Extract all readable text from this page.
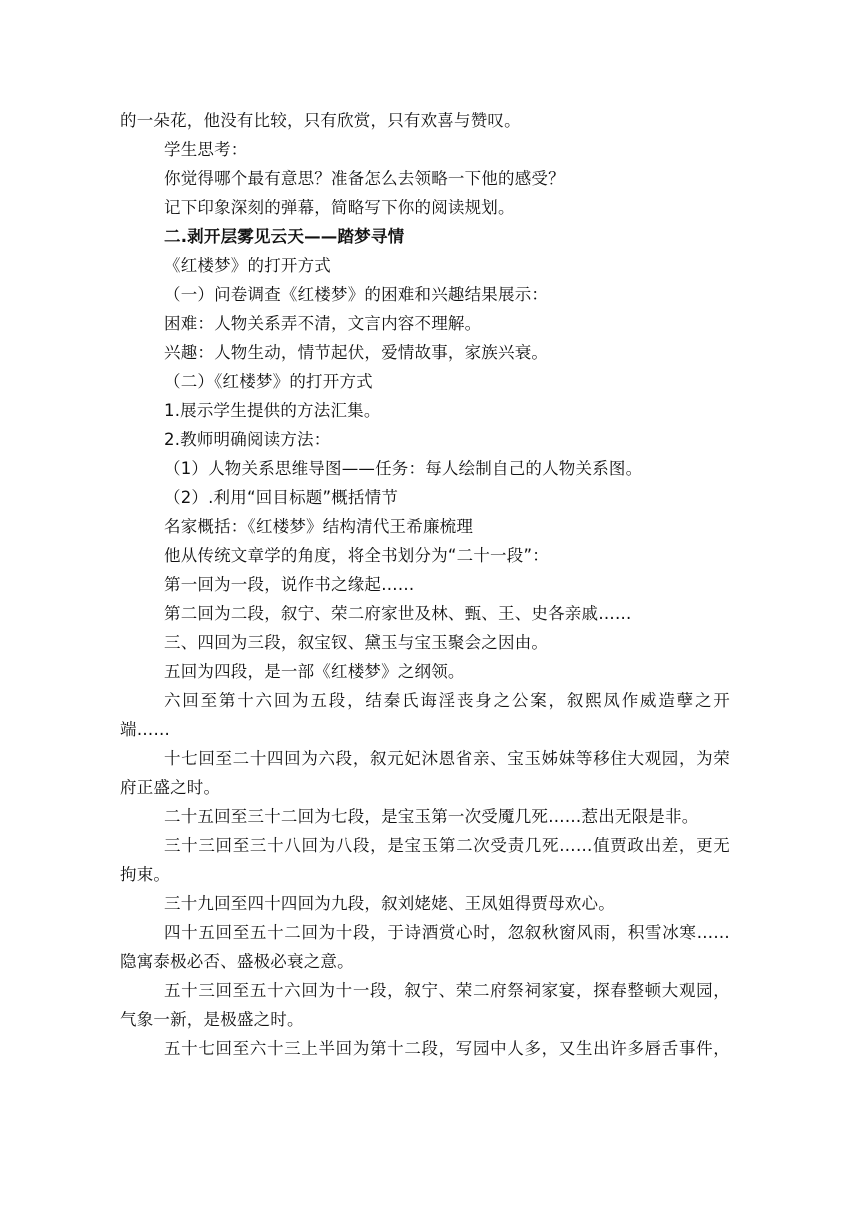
的一朵花，他没有比较，只有欣赏，只有欢喜与赞叹。
学生思考：
你觉得哪个最有意思？准备怎么去领略一下他的感受？
记下印象深刻的弹幕，简略写下你的阅读规划。
二.剥开层雾见云天——踏梦寻情
《红楼梦》的打开方式
（一）问卷调查《红楼梦》的困难和兴趣结果展示：
困难：人物关系弄不清，文言内容不理解。
兴趣：人物生动，情节起伏，爱情故事，家族兴衰。
（二）《红楼梦》的打开方式
1.展示学生提供的方法汇集。
2.教师明确阅读方法：
（1）人物关系思维导图——任务：每人绘制自己的人物关系图。
（2）.利用“回目标题”概括情节
名家概括：《红楼梦》结构清代王希廉梳理
他从传统文章学的角度，将全书划分为“二十一段”：
第一回为一段，说作书之缘起……
第二回为二段，叙宁、荣二府家世及林、甄、王、史各亲戚……
三、四回为三段，叙宝钗、黛玉与宝玉聚会之因由。
五回为四段，是一部《红楼梦》之纲领。
六回至第十六回为五段，结秦氏诲淫丧身之公案，叙熙凤作威造孽之开
端……
十七回至二十四回为六段，叙元妃沐恩省亲、宝玉姊妹等移住大观园，为荣
府正盛之时。
二十五回至三十二回为七段，是宝玉第一次受魇几死……惹出无限是非。
三十三回至三十八回为八段，是宝玉第二次受责几死……值贾政出差，更无
拘束。
三十九回至四十四回为九段，叙刘姥姥、王凤姐得贾母欢心。
四十五回至五十二回为十段，于诗酒赏心时，忽叙秋窗风雨，积雪冰寒……
隐寓泰极必否、盛极必衰之意。
五十三回至五十六回为十一段，叙宁、荣二府祭祠家宴，探春整顿大观园，
气象一新，是极盛之时。
五十七回至六十三上半回为第十二段，写园中人多，又生出许多唇舌事件，
